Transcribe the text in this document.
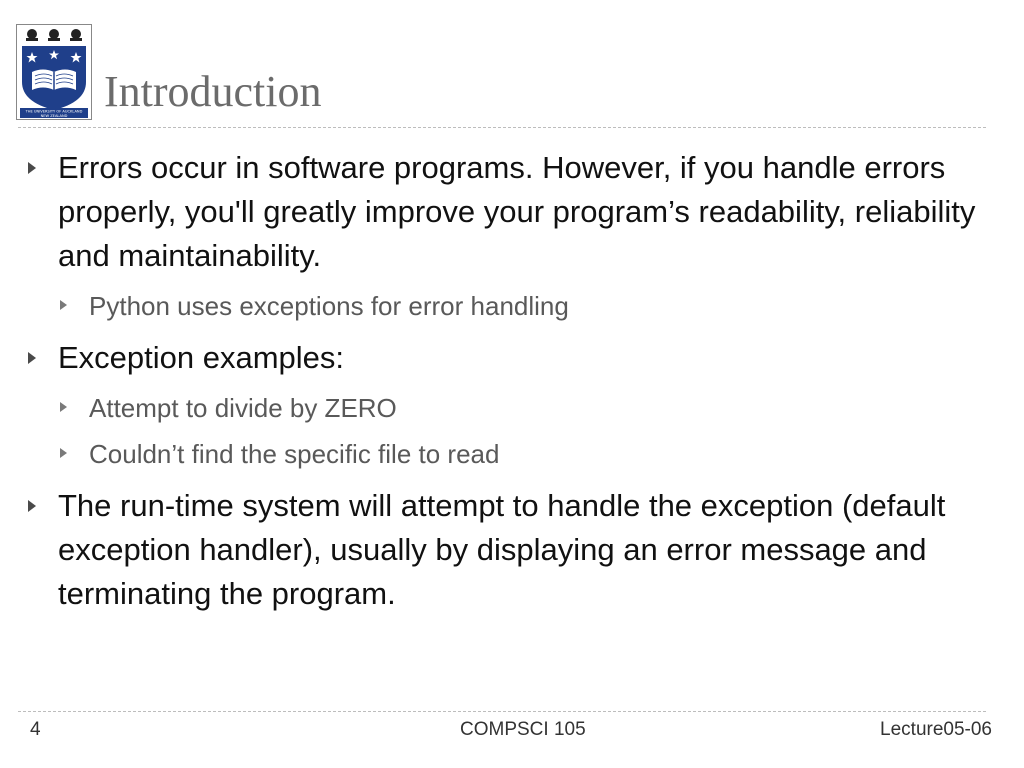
THE UNIVERSITY OF AUCKLAND
NEW ZEALAND Introduction
Errors occur in software programs. However, if you handle errors properly, you'll greatly improve your program’s readability, reliability and maintainability.
Python uses exceptions for error handling
Exception examples:
Attempt to divide by ZERO
Couldn’t find the specific file to read
The run-time system will attempt to handle the exception (default exception handler), usually by displaying an error message and terminating the program.
4	COMPSCI 105	Lecture05-06
